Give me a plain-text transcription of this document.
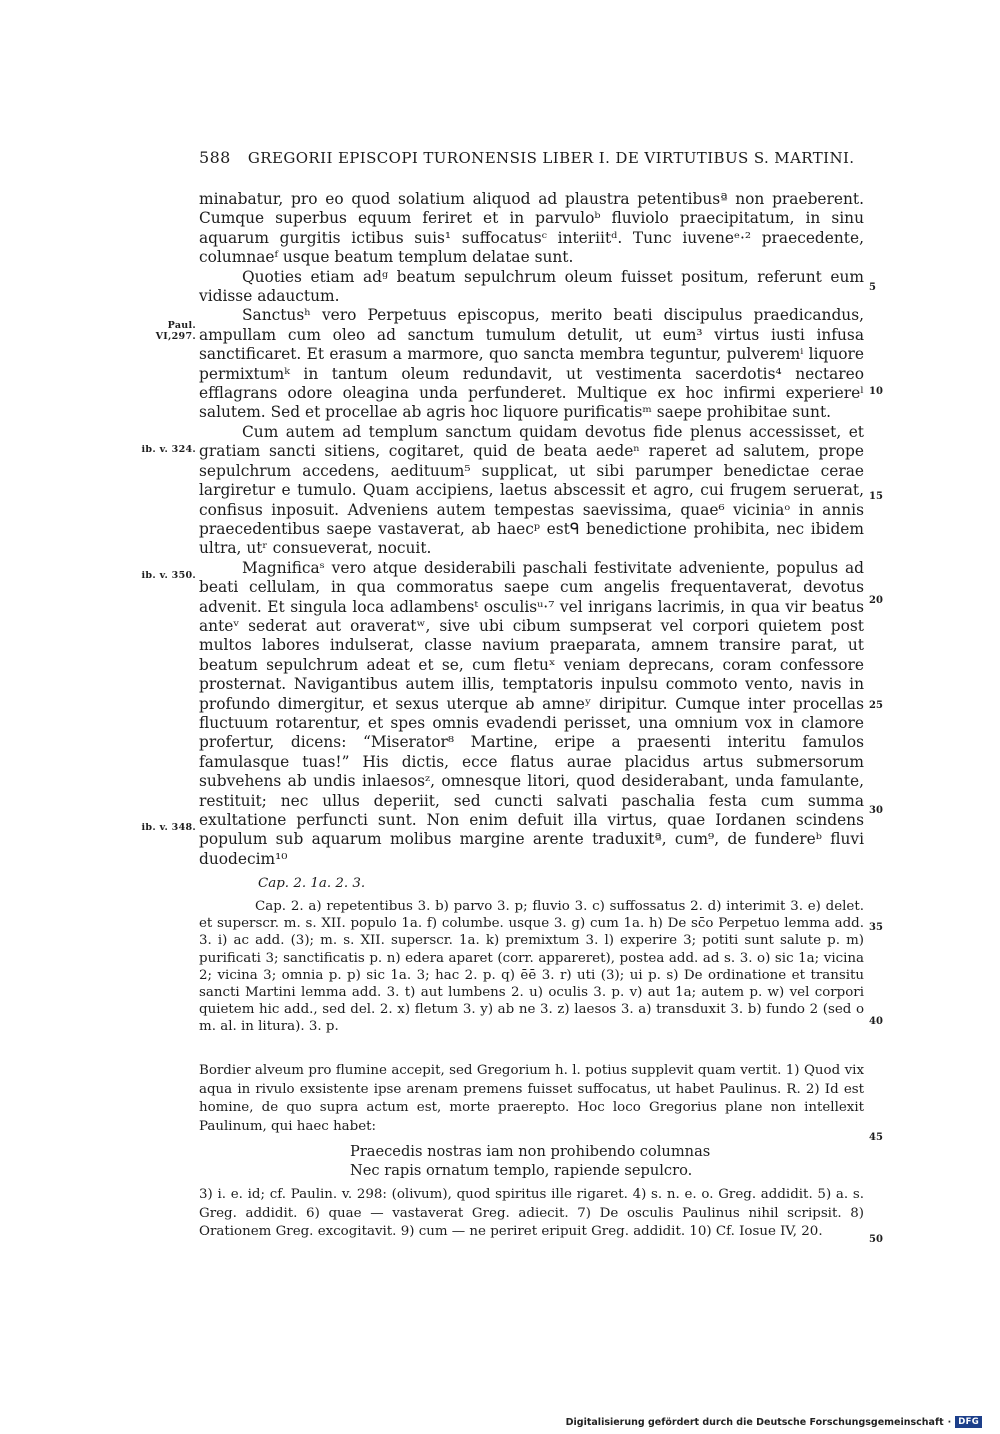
588 GREGORII EPISCOPI TURONENSIS LIBER I. DE VIRTUTIBUS S. MARTINI.

minabatur, pro eo quod solatium aliquod ad plaustra petentibusª non praeberent. Cumque superbus equum feriret et in parvuloᵇ fluviolo praecipitatum, in sinu aquarum gurgitis ictibus suis¹ suffocatusᶜ interiitᵈ. Tunc iuveneᵉ·² praecedente, columnaeᶠ usque beatum templum delatae sunt.

Quoties etiam adᵍ beatum sepulchrum oleum fuisset positum, referunt eum vidisse adauctum.

Sanctusʰ vero Perpetuus episcopus, merito beati discipulus praedicandus, ampullam cum oleo ad sanctum tumulum detulit, ut eum³ virtus iusti infusa sanctificaret. Et erasum a marmore, quo sancta membra teguntur, pulveremⁱ liquore permixtumᵏ in tantum oleum redundavit, ut vestimenta sacerdotis⁴ nectareo efflagrans odore oleagina unda perfunderet. Multique ex hoc infirmi experiereˡ salutem. Sed et procellae ab agris hoc liquore purificatisᵐ saepe prohibitae sunt.

Cum autem ad templum sanctum quidam devotus fide plenus accessisset, et gratiam sancti sitiens, cogitaret, quid de beata aedeⁿ raperet ad salutem, prope sepulchrum accedens, aedituum⁵ supplicat, ut sibi parumper benedictae cerae largiretur e tumulo. Quam accipiens, laetus abscessit et agro, cui frugem seruerat, confisus inposuit. Adveniens autem tempestas saevissima, quae⁶ viciniaᵒ in annis praecedentibus saepe vastaverat, ab haecᵖ estᑫ benedictione prohibita, nec ibidem ultra, utʳ consueverat, nocuit.

Magnificaˢ vero atque desiderabili paschali festivitate adveniente, populus ad beati cellulam, in qua commoratus saepe cum angelis frequentaverat, devotus advenit. Et singula loca adlambensᵗ osculisᵘ·⁷ vel inrigans lacrimis, in qua vir beatus anteᵛ sederat aut oraveratʷ, sive ubi cibum sumpserat vel corpori quietem post multos labores indulserat, classe navium praeparata, amnem transire parat, ut beatum sepulchrum adeat et se, cum fletuˣ veniam deprecans, coram confessore prosternat. Navigantibus autem illis, temptatoris inpulsu commoto vento, navis in profundo dimergitur, et sexus uterque ab amneʸ diripitur. Cumque inter procellas fluctuum rotarentur, et spes omnis evadendi perisset, una omnium vox in clamore profertur, dicens: “Miserator⁸ Martine, eripe a praesenti interitu famulos famulasque tuas!” His dictis, ecce flatus aurae placidus artus submersorum subvehens ab undis inlaesosᶻ, omnesque litori, quod desiderabant, unda famulante, restituit; nec ullus deperiit, sed cuncti salvati paschalia festa cum summa exultatione perfuncti sunt. Non enim defuit illa virtus, quae Iordanen scindens populum sub aquarum molibus margine arente traduxitª, cum⁹, de fundereᵇ fluvi duodecim¹⁰

Paul. VI,297.
ib. v. 324.
ib. v. 350.
ib. v. 348.
5
10
15
20
25
30
35
40
45
50
Cap. 2. 1a. 2. 3.

Cap. 2. a) repetentibus 3. b) parvo 3. p; fluvio 3. c) suffossatus 2. d) interimit 3. e) delet. et superscr. m. s. XII. populo 1a. f) columbe. usque 3. g) cum 1a. h) De sc̄o Perpetuo lemma add. 3. i) ac add. (3); m. s. XII. superscr. 1a. k) premixtum 3. l) experire 3; potiti sunt salute p. m) purificati 3; sanctificatis p. n) edera aparet (corr. appareret), postea add. ad s. 3. o) sic 1a; vicina 2; vicina 3; omnia p. p) sic 1a. 3; hac 2. p. q) ēē 3. r) uti (3); ui p. s) De ordinatione et transitu sancti Martini lemma add. 3. t) aut lumbens 2. u) oculis 3. p. v) aut 1a; autem p. w) vel corpori quietem hic add., sed del. 2. x) fletum 3. y) ab ne 3. z) laesos 3. a) transduxit 3. b) fundo 2 (sed o m. al. in litura). 3. p.

Bordier alveum pro flumine accepit, sed Gregorium h. l. potius supplevit quam vertit. 1) Quod vix aqua in rivulo exsistente ipse arenam premens fuisset suffocatus, ut habet Paulinus. R. 2) Id est homine, de quo supra actum est, morte praerepto. Hoc loco Gregorius plane non intellexit Paulinum, qui haec habet:

Praecedis nostras iam non prohibendo columnas
Nec rapis ornatum templo, rapiende sepulcro.

3) i. e. id; cf. Paulin. v. 298: (olivum), quod spiritus ille rigaret. 4) s. n. e. o. Greg. addidit. 5) a. s. Greg. addidit. 6) quae — vastaverat Greg. adiecit. 7) De osculis Paulinus nihil scripsit. 8) Orationem Greg. excogitavit. 9) cum — ne periret eripuit Greg. addidit. 10) Cf. Iosue IV, 20.

Digitalisierung gefördert durch die Deutsche Forschungsgemeinschaft · DFG
